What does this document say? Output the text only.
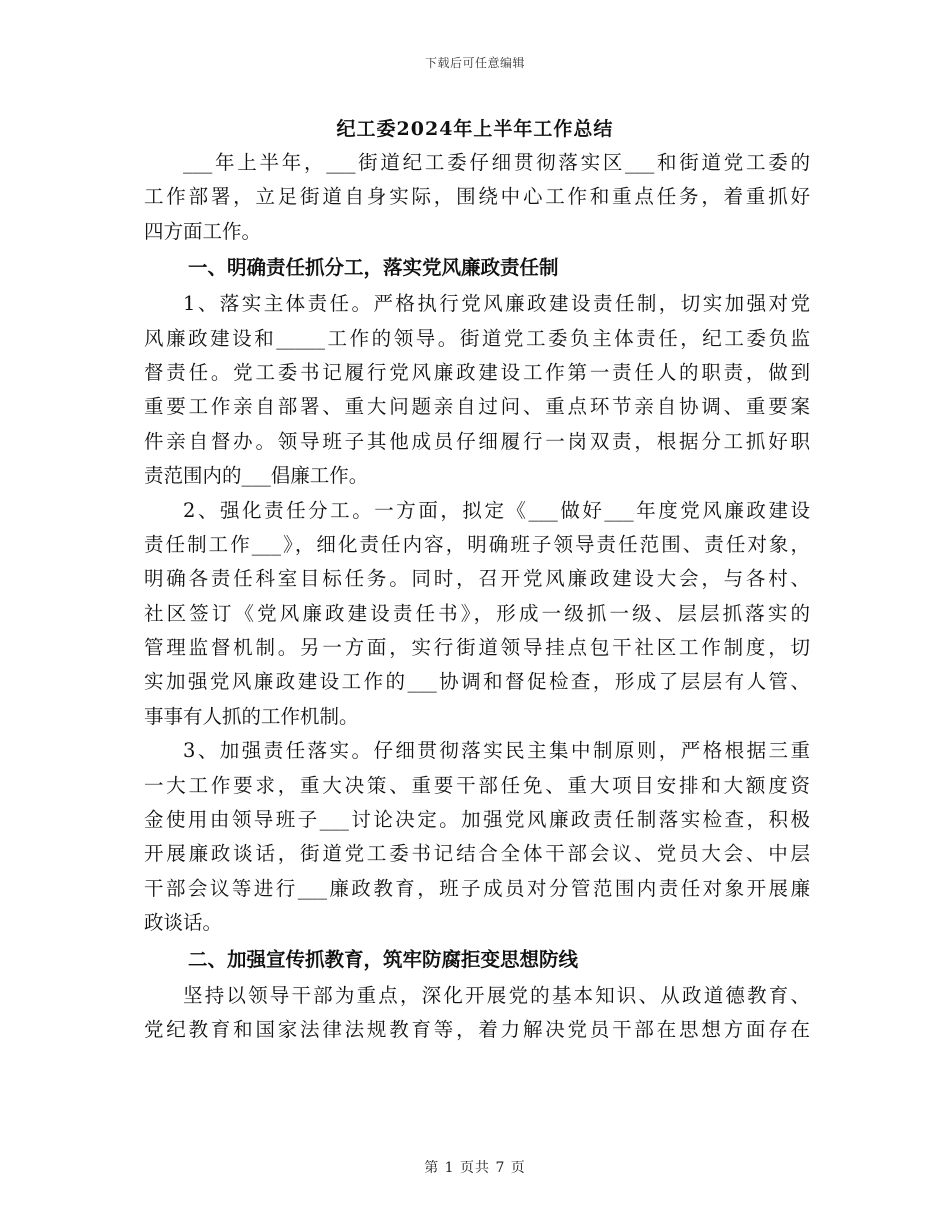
下载后可任意编辑
纪工委2024年上半年工作总结
___年上半年，___街道纪工委仔细贯彻落实区___和街道党工委的
工作部署，立足街道自身实际，围绕中心工作和重点任务，着重抓好
四方面工作。
一、明确责任抓分工，落实党风廉政责任制
1、落实主体责任。严格执行党风廉政建设责任制，切实加强对党
风廉政建设和_____工作的领导。街道党工委负主体责任，纪工委负监
督责任。党工委书记履行党风廉政建设工作第一责任人的职责，做到
重要工作亲自部署、重大问题亲自过问、重点环节亲自协调、重要案
件亲自督办。领导班子其他成员仔细履行一岗双责，根据分工抓好职
责范围内的___倡廉工作。
2、强化责任分工。一方面，拟定《___做好___年度党风廉政建设
责任制工作___》，细化责任内容，明确班子领导责任范围、责任对象，
明确各责任科室目标任务。同时，召开党风廉政建设大会，与各村、
社区签订《党风廉政建设责任书》，形成一级抓一级、层层抓落实的
管理监督机制。另一方面，实行街道领导挂点包干社区工作制度，切
实加强党风廉政建设工作的___协调和督促检查，形成了层层有人管、
事事有人抓的工作机制。
3、加强责任落实。仔细贯彻落实民主集中制原则，严格根据三重
一大工作要求，重大决策、重要干部任免、重大项目安排和大额度资
金使用由领导班子___讨论决定。加强党风廉政责任制落实检查，积极
开展廉政谈话，街道党工委书记结合全体干部会议、党员大会、中层
干部会议等进行___廉政教育，班子成员对分管范围内责任对象开展廉
政谈话。
二、加强宣传抓教育，筑牢防腐拒变思想防线
坚持以领导干部为重点，深化开展党的基本知识、从政道德教育、
党纪教育和国家法律法规教育等，着力解决党员干部在思想方面存在
第 1 页共 7 页
